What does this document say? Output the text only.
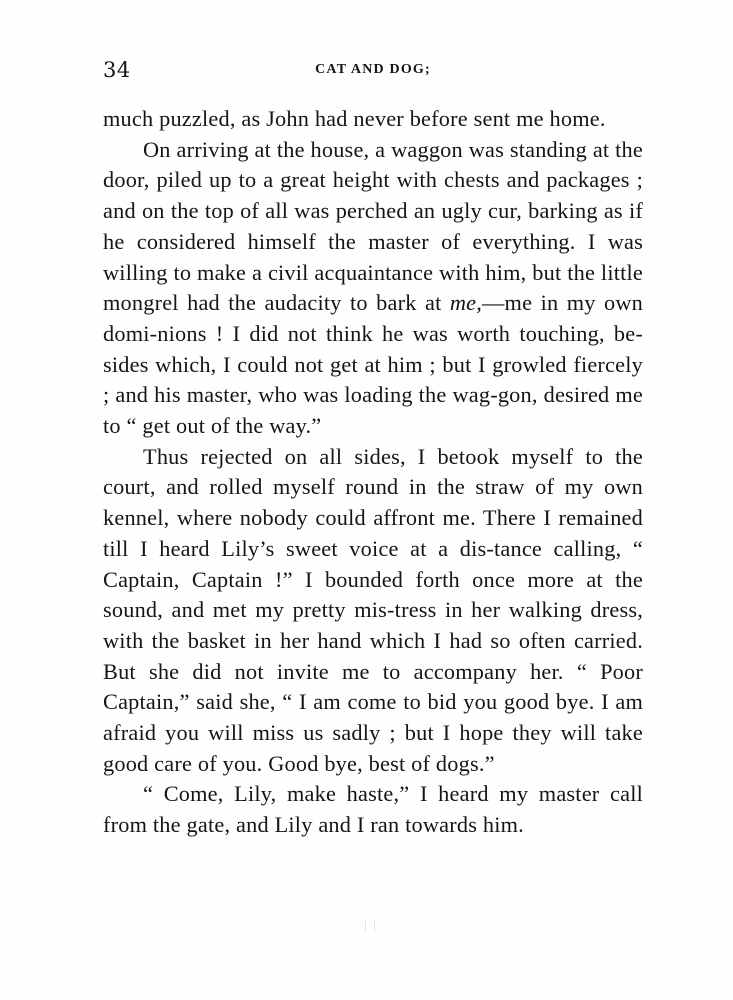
34	CAT AND DOG;

much puzzled, as John had never before sent me home.

On arriving at the house, a waggon was standing at the door, piled up to a great height with chests and packages ; and on the top of all was perched an ugly cur, barking as if he considered himself the master of everything. I was willing to make a civil acquaintance with him, but the little mongrel had the audacity to bark at me,—me in my own domi-nions ! I did not think he was worth touching, be-sides which, I could not get at him ; but I growled fiercely ; and his master, who was loading the wag-gon, desired me to “ get out of the way.”

Thus rejected on all sides, I betook myself to the court, and rolled myself round in the straw of my own kennel, where nobody could affront me. There I remained till I heard Lily’s sweet voice at a dis-tance calling, “ Captain, Captain !” I bounded forth once more at the sound, and met my pretty mis-tress in her walking dress, with the basket in her hand which I had so often carried. But she did not invite me to accompany her. “ Poor Captain,” said she, “ I am come to bid you good bye. I am afraid you will miss us sadly ; but I hope they will take good care of you. Good bye, best of dogs.”

“ Come, Lily, make haste,” I heard my master call from the gate, and Lily and I ran towards him.
